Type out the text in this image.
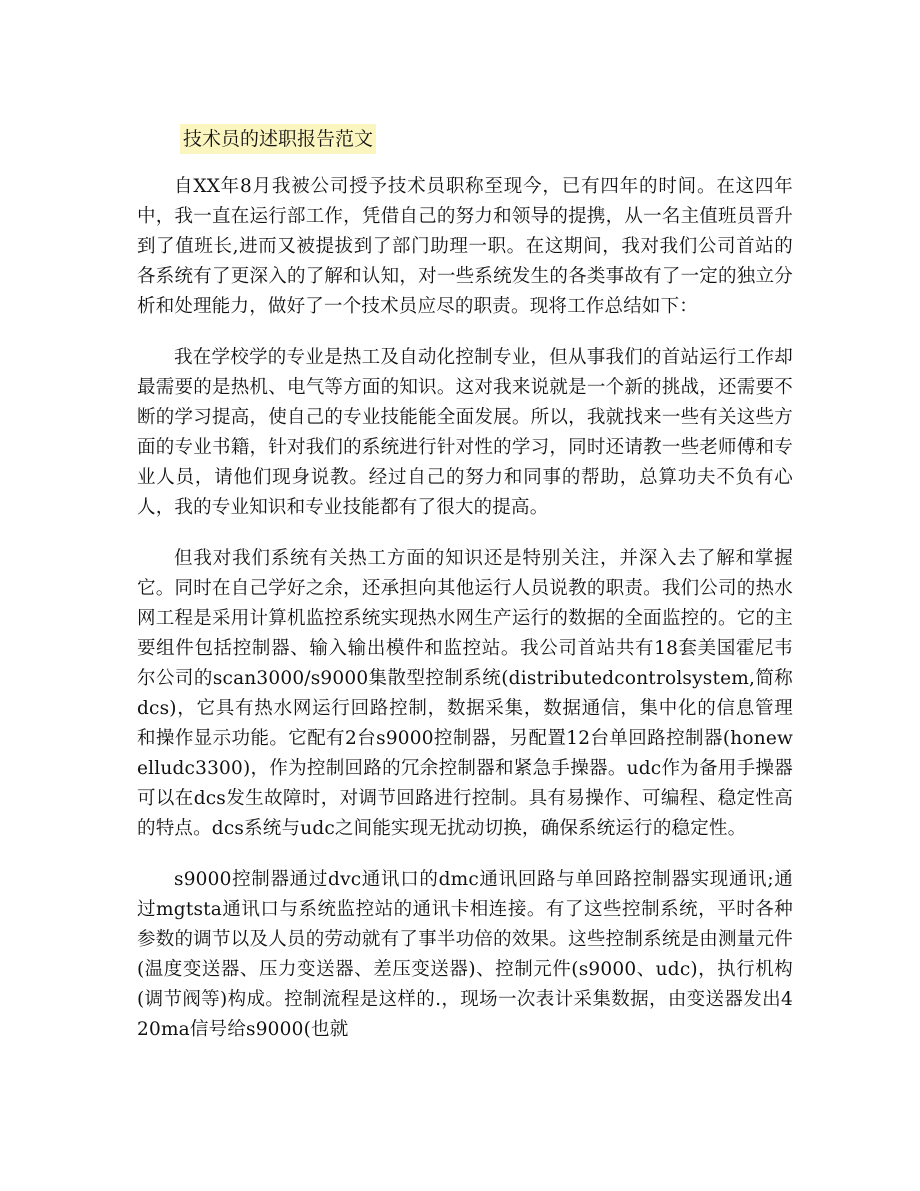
技术员的述职报告范文

自XX年8月我被公司授予技术员职称至现今，已有四年的时间。在这四年中，我一直在运行部工作，凭借自己的努力和领导的提携，从一名主值班员晋升到了值班长,进而又被提拔到了部门助理一职。在这期间，我对我们公司首站的各系统有了更深入的了解和认知，对一些系统发生的各类事故有了一定的独立分析和处理能力，做好了一个技术员应尽的职责。现将工作总结如下：

我在学校学的专业是热工及自动化控制专业，但从事我们的首站运行工作却最需要的是热机、电气等方面的知识。这对我来说就是一个新的挑战，还需要不断的学习提高，使自己的专业技能能全面发展。所以，我就找来一些有关这些方面的专业书籍，针对我们的系统进行针对性的学习，同时还请教一些老师傅和专业人员，请他们现身说教。经过自己的努力和同事的帮助，总算功夫不负有心人，我的专业知识和专业技能都有了很大的提高。

但我对我们系统有关热工方面的知识还是特别关注，并深入去了解和掌握它。同时在自己学好之余，还承担向其他运行人员说教的职责。我们公司的热水网工程是采用计算机监控系统实现热水网生产运行的数据的全面监控的。它的主要组件包括控制器、输入输出模件和监控站。我公司首站共有18套美国霍尼韦尔公司的scan3000/s9000集散型控制系统(distributedcontrolsystem,简称dcs)，它具有热水网运行回路控制，数据采集，数据通信，集中化的信息管理和操作显示功能。它配有2台s9000控制器，另配置12台单回路控制器(honewelludc3300)，作为控制回路的冗余控制器和紧急手操器。udc作为备用手操器可以在dcs发生故障时，对调节回路进行控制。具有易操作、可编程、稳定性高的特点。dcs系统与udc之间能实现无扰动切换，确保系统运行的稳定性。

s9000控制器通过dvc通讯口的dmc通讯回路与单回路控制器实现通讯;通过mgtsta通讯口与系统监控站的通讯卡相连接。有了这些控制系统，平时各种参数的调节以及人员的劳动就有了事半功倍的效果。这些控制系统是由测量元件(温度变送器、压力变送器、差压变送器)、控制元件(s9000、udc)，执行机构(调节阀等)构成。控制流程是这样的.，现场一次表计采集数据，由变送器发出420ma信号给s9000(也就
